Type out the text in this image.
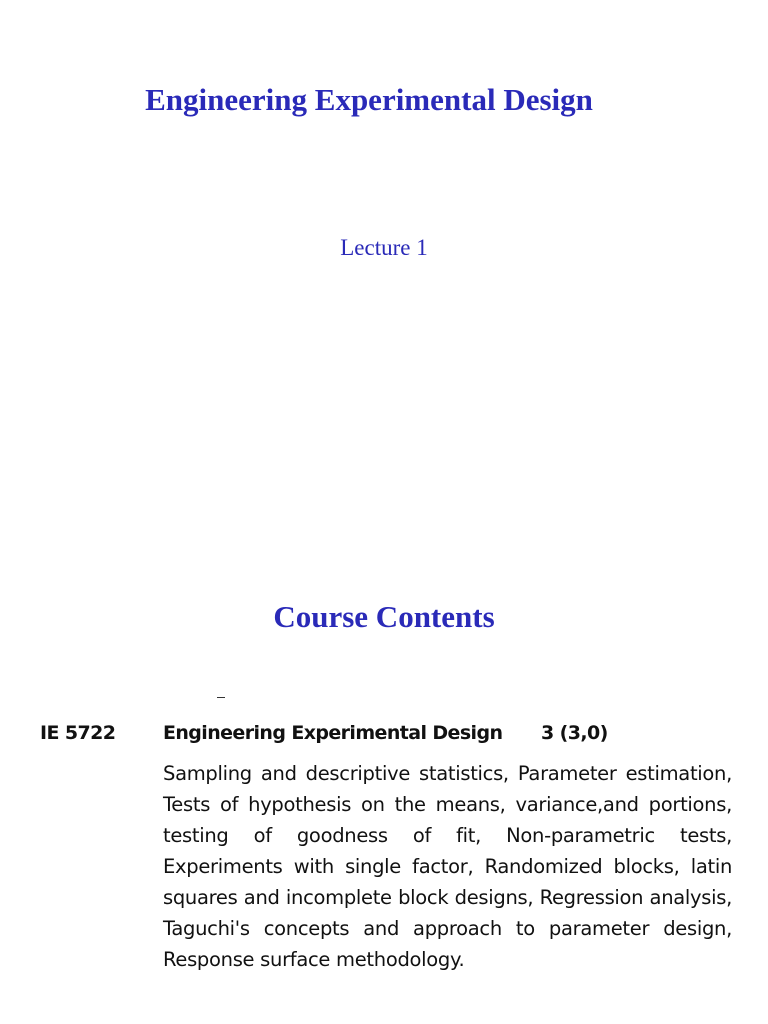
Engineering Experimental Design
Lecture 1
Course Contents
IE 5722	Engineering Experimental Design 3 (3,0)

Sampling and descriptive statistics, Parameter estimation, Tests of hypothesis on the means, variance,and portions, testing of goodness of fit, Non-parametric tests, Experiments with single factor, Randomized blocks, latin squares and incomplete block designs, Regression analysis, Taguchi's concepts and approach to parameter design, Response surface methodology.
